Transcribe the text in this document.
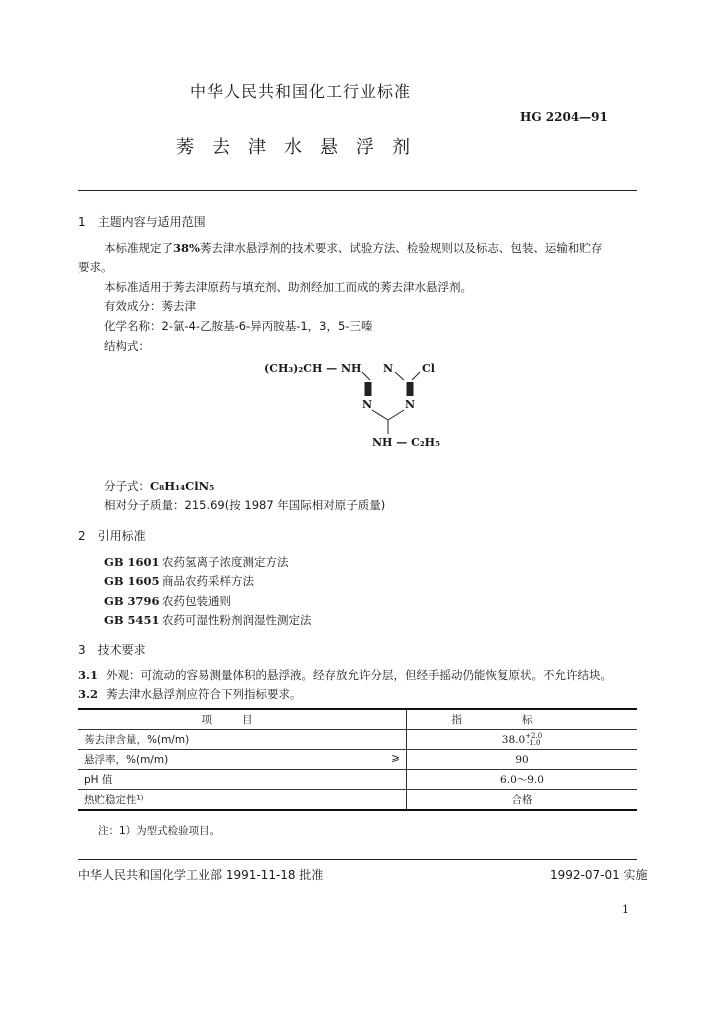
中华人民共和国化工行业标准
HG 2204—91
莠去津水悬浮剂
1　主题内容与适用范围
本标准规定了38%莠去津水悬浮剂的技术要求、试验方法、检验规则以及标志、包装、运输和贮存
要求。
本标准适用于莠去津原药与填充剂、助剂经加工而成的莠去津水悬浮剂。
有效成分：莠去津
化学名称：2-氯-4-乙胺基-6-异丙胺基-1，3，5-三嗪
结构式：
(CH₃)₂CH — NH N	Cl
N	N
NH — C₂H₅
分子式：C₈H₁₄ClN₅
相对分子质量：215.69(按 1987 年国际相对原子质量)
2　引用标准
GB 1601 农药氢离子浓度测定方法
GB 1605 商品农药采样方法
GB 3796 农药包装通则
GB 5451 农药可湿性粉剂润湿性测定法
3　技术要求
3.1 外观：可流动的容易测量体积的悬浮液。经存放允许分层，但经手摇动仍能恢复原状。不允许结块。
3.2 莠去津水悬浮剂应符合下列指标要求。
项目	指标
莠去津含量，%(m/m)	38.0 +2.0
-1.0

悬浮率，%(m/m) ⩾	90
pH 值	6.0～9.0
热贮稳定性¹⁾	合格
注：1）为型式检验项目。
中华人民共和国化学工业部 1991-11-18 批准	1992-07-01 实施
1
